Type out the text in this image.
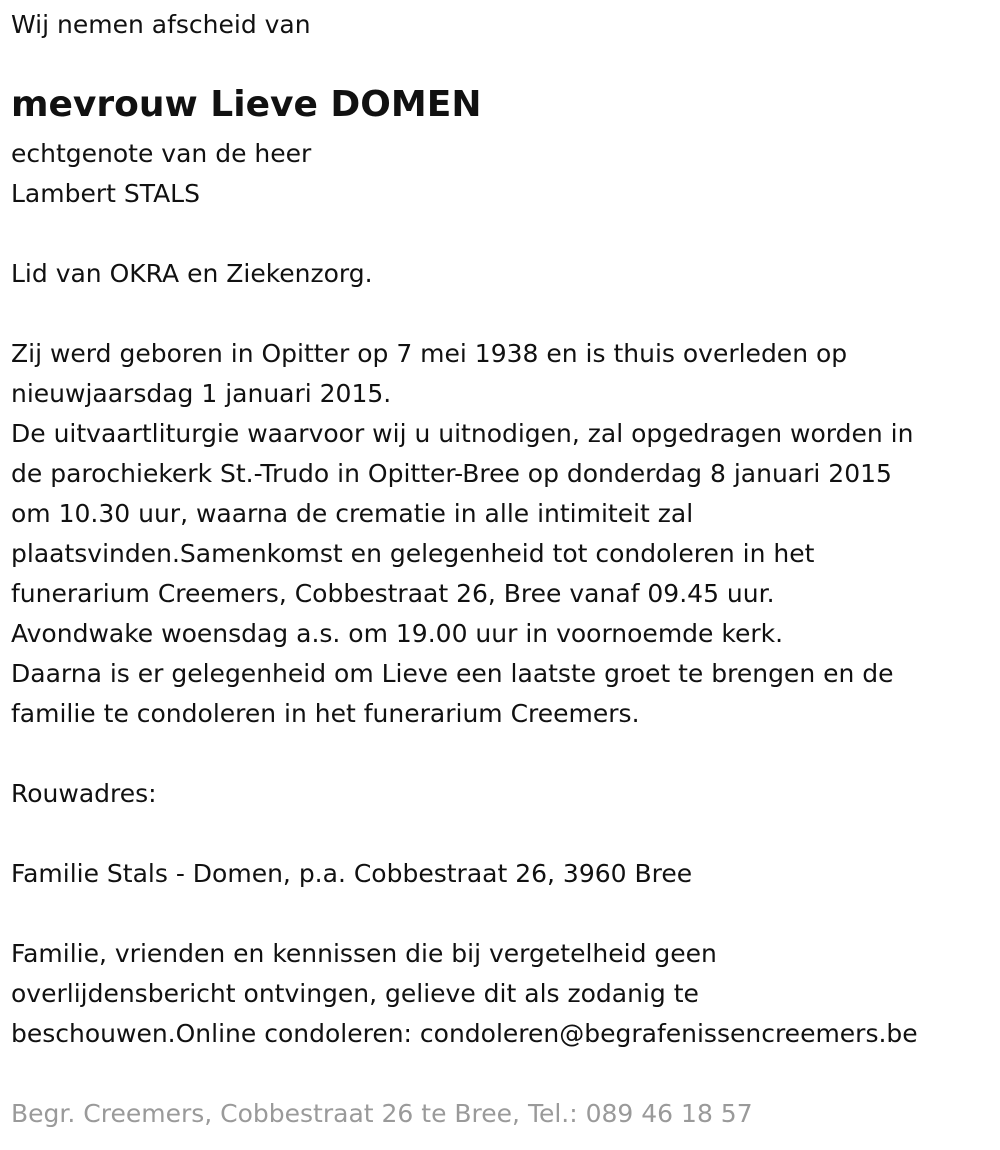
Wij nemen afscheid van
mevrouw Lieve DOMEN
echtgenote van de heer
Lambert STALS
Lid van OKRA en Ziekenzorg.
Zij werd geboren in Opitter op 7 mei 1938 en is thuis overleden op
nieuwjaarsdag 1 januari 2015.
De uitvaartliturgie waarvoor wij u uitnodigen, zal opgedragen worden in
de parochiekerk St.-Trudo in Opitter-Bree op donderdag 8 januari 2015
om 10.30 uur, waarna de crematie in alle intimiteit zal
plaatsvinden.Samenkomst en gelegenheid tot condoleren in het
funerarium Creemers, Cobbestraat 26, Bree vanaf 09.45 uur.
Avondwake woensdag a.s. om 19.00 uur in voornoemde kerk.
Daarna is er gelegenheid om Lieve een laatste groet te brengen en de
familie te condoleren in het funerarium Creemers.
Rouwadres:
Familie Stals - Domen, p.a. Cobbestraat 26, 3960 Bree
Familie, vrienden en kennissen die bij vergetelheid geen
overlijdensbericht ontvingen, gelieve dit als zodanig te
beschouwen.Online condoleren: condoleren@begrafenissencreemers.be
Begr. Creemers, Cobbestraat 26 te Bree, Tel.: 089 46 18 57
